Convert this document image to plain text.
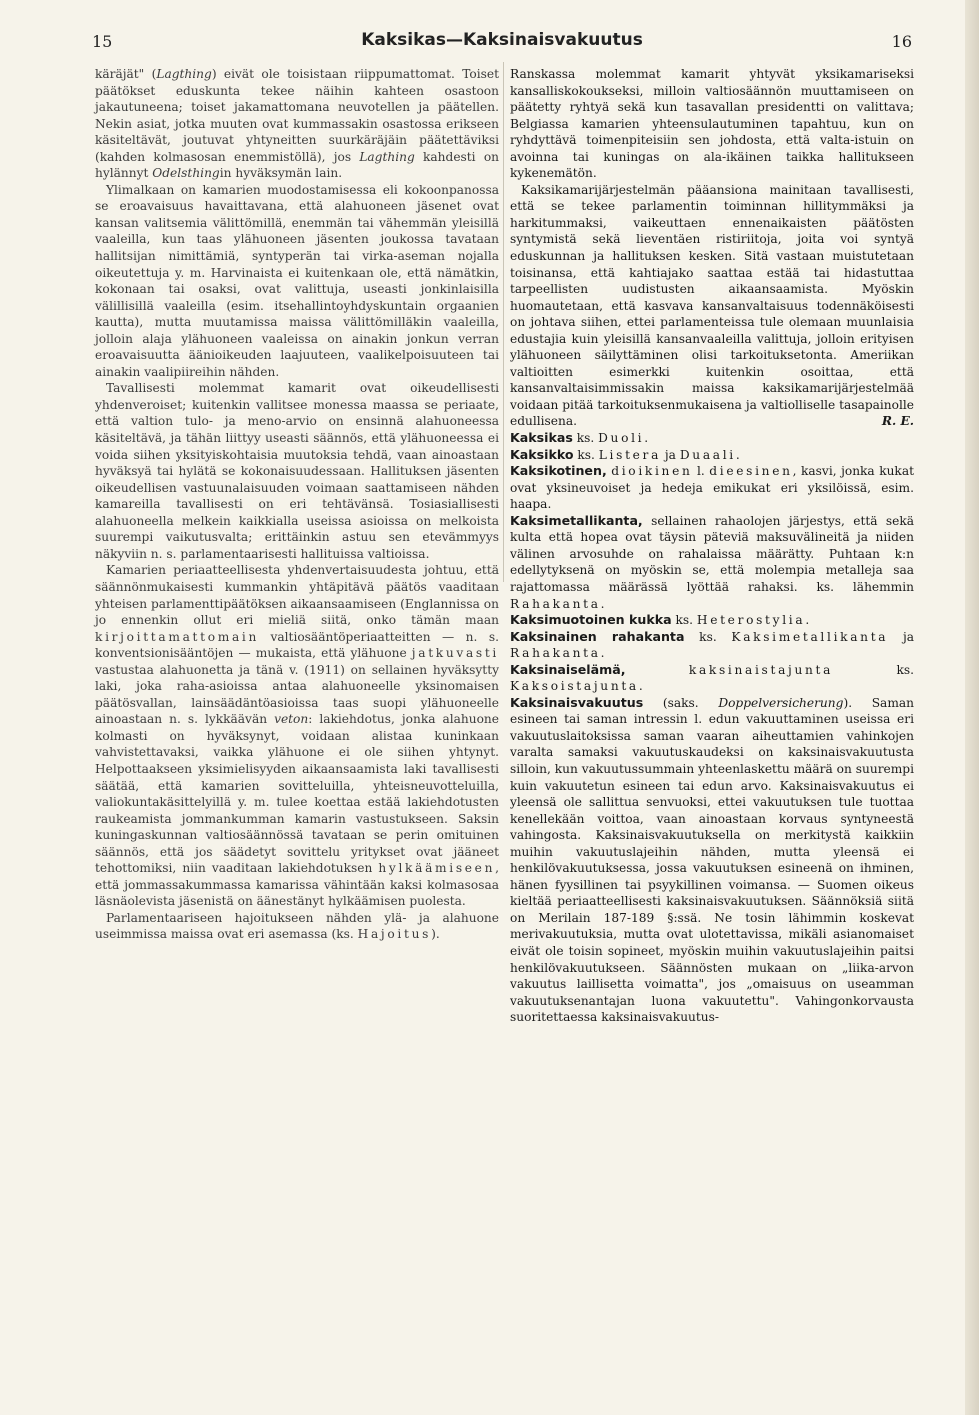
15	Kaksikas—Kaksinaisvakuutus	16

käräjät" (Lagthing) eivät ole toisistaan riippumattomat. Toiset päätökset eduskunta tekee näihin kahteen osastoon jakautuneena; toiset jakamattomana neuvotellen ja päätellen. Nekin asiat, jotka muuten ovat kummassakin osastossa erikseen käsiteltävät, joutuvat yhtyneitten suurkäräjäin päätettäviksi (kahden kolmasosan enemmistöllä), jos Lagthing kahdesti on hylännyt Odelsthingin hyväksymän lain.

Ylimalkaan on kamarien muodostamisessa eli kokoonpanossa se eroavaisuus havaittavana, että alahuoneen jäsenet ovat kansan valitsemia välittömillä, enemmän tai vähemmän yleisillä vaaleilla, kun taas ylähuoneen jäsenten joukossa tavataan hallitsijan nimittämiä, syntyperän tai virka-aseman nojalla oikeutettuja y. m. Harvinaista ei kuitenkaan ole, että nämätkin, kokonaan tai osaksi, ovat valittuja, useasti jonkinlaisilla välillisillä vaaleilla (esim. itsehallintoyhdyskuntain orgaanien kautta), mutta muutamissa maissa välittömilläkin vaaleilla, jolloin alaja ylähuoneen vaaleissa on ainakin jonkun verran eroavaisuutta äänioikeuden laajuuteen, vaalikelpoisuuteen tai ainakin vaalipiireihin nähden.

Tavallisesti molemmat kamarit ovat oikeudellisesti yhdenveroiset; kuitenkin vallitsee monessa maassa se periaate, että valtion tulo- ja meno-arvio on ensinnä alahuoneessa käsiteltävä, ja tähän liittyy useasti säännös, että ylähuoneessa ei voida siihen yksityiskohtaisia muutoksia tehdä, vaan ainoastaan hyväksyä tai hylätä se kokonaisuudessaan. Hallituksen jäsenten oikeudellisen vastuunalaisuuden voimaan saattamiseen nähden kamareilla tavallisesti on eri tehtävänsä. Tosiasiallisesti alahuoneella melkein kaikkialla useissa asioissa on melkoista suurempi vaikutusvalta; erittäinkin astuu sen etevämmyys näkyviin n. s. parlamentaarisesti hallituissa valtioissa.

Kamarien periaatteellisesta yhdenvertaisuudesta johtuu, että säännönmukaisesti kummankin yhtäpitävä päätös vaaditaan yhteisen parlamenttipäätöksen aikaansaamiseen (Englannissa on jo ennenkin ollut eri mieliä siitä, onko tämän maan kirjoittamattomain valtiosääntöperiaatteitten — n. s. konventsionisääntöjen — mukaista, että ylähuone jatkuvasti vastustaa alahuonetta ja tänä v. (1911) on sellainen hyväksytty laki, joka raha-asioissa antaa alahuoneelle yksinomaisen päätösvallan, lainsäädäntöasioissa taas suopi ylähuoneelle ainoastaan n. s. lykkäävän veton: lakiehdotus, jonka alahuone kolmasti on hyväksynyt, voidaan alistaa kuninkaan vahvistettavaksi, vaikka ylähuone ei ole siihen yhtynyt. Helpottaakseen yksimielisyyden aikaansaamista laki tavallisesti säätää, että kamarien sovitteluilla, yhteisneuvotteluilla, valiokuntakäsittelyillä y. m. tulee koettaa estää lakiehdotusten raukeamista jommankumman kamarin vastustukseen. Saksin kuningaskunnan valtiosäännössä tavataan se perin omituinen säännös, että jos säädetyt sovittelu yritykset ovat jääneet tehottomiksi, niin vaaditaan lakiehdotuksen hylkäämiseen, että jommassakummassa kamarissa vähintään kaksi kolmasosaa läsnäolevista jäsenistä on äänestänyt hylkäämisen puolesta.

Parlamentaariseen hajoitukseen nähden ylä- ja alahuone useimmissa maissa ovat eri asemassa (ks. Hajoitus).

Ranskassa molemmat kamarit yhtyvät yksikamariseksi kansalliskokoukseksi, milloin valtiosäännön muuttamiseen on päätetty ryhtyä sekä kun tasavallan presidentti on valittava; Belgiassa kamarien yhteensulautuminen tapahtuu, kun on ryhdyttävä toimenpiteisiin sen johdosta, että valta-istuin on avoinna tai kuningas on ala-ikäinen taikka hallitukseen kykenemätön.

Kaksikamarijärjestelmän pääansiona mainitaan tavallisesti, että se tekee parlamentin toiminnan hillitymmäksi ja harkitummaksi, vaikeuttaen ennenaikaisten päätösten syntymistä sekä lieventäen ristiriitoja, joita voi syntyä eduskunnan ja hallituksen kesken. Sitä vastaan muistutetaan toisinansa, että kahtiajako saattaa estää tai hidastuttaa tarpeellisten uudistusten aikaansaamista. Myöskin huomautetaan, että kasvava kansanvaltaisuus todennäköisesti on johtava siihen, ettei parlamenteissa tule olemaan muunlaisia edustajia kuin yleisillä kansanvaaleilla valittuja, jolloin erityisen ylähuoneen säilyttäminen olisi tarkoituksetonta. Ameriikan valtioitten esimerkki kuitenkin osoittaa, että kansanvaltaisimmissakin maissa kaksikamarijärjestelmää voidaan pitää tarkoituksenmukaisena ja valtiolliselle tasapainolle edullisena.	R. E.

Kaksikas ks. Duoli.

Kaksikko ks. Listera ja Duaali.

Kaksikotinen, dioikinen l. dieesinen, kasvi, jonka kukat ovat yksineuvoiset ja hedeja emikukat eri yksilöissä, esim. haapa.

Kaksimetallikanta, sellainen rahaolojen järjestys, että sekä kulta että hopea ovat täysin päteviä maksuvälineitä ja niiden välinen arvosuhde on rahalaissa määrätty. Puhtaan k:n edellytyksenä on myöskin se, että molempia metalleja saa rajattomassa määrässä lyöttää rahaksi. ks. lähemmin Rahakanta.

Kaksimuotoinen kukka ks. Heterostylia.

Kaksinainen rahakanta ks. Kaksimetallikanta ja Rahakanta.

Kaksinaiselämä,	kaksinaistajunta ks. Kaksoistajunta.

Kaksinaisvakuutus (saks. Doppelversicherung). Saman esineen tai saman intressin l. edun vakuuttaminen useissa eri vakuutuslaitoksissa saman vaaran aiheuttamien vahinkojen varalta samaksi vakuutuskaudeksi on kaksinaisvakuutusta silloin, kun vakuutussummain yhteenlaskettu määrä on suurempi kuin vakuutetun esineen tai edun arvo. Kaksinaisvakuutus ei yleensä ole sallittua senvuoksi, ettei vakuutuksen tule tuottaa kenellekään voittoa, vaan ainoastaan korvaus syntyneestä vahingosta. Kaksinaisvakuutuksella on merkitystä kaikkiin muihin vakuutuslajeihin nähden, mutta yleensä ei henkilövakuutuksessa, jossa vakuutuksen esineenä on ihminen, hänen fyysillinen tai psyykillinen voimansa. — Suomen oikeus kieltää periaatteellisesti kaksinaisvakuutuksen. Säännöksiä siitä on Merilain 187-189 §:ssä. Ne tosin lähimmin koskevat merivakuutuksia, mutta ovat ulotettavissa, mikäli asianomaiset eivät ole toisin sopineet, myöskin muihin vakuutuslajeihin paitsi henkilövakuutukseen. Säännösten mukaan on „liika-arvon vakuutus laillisetta voimatta", jos „omaisuus on useamman vakuutuksenantajan luona vakuutettu". Vahingonkorvausta suoritettaessa kaksinaisvakuutus-
